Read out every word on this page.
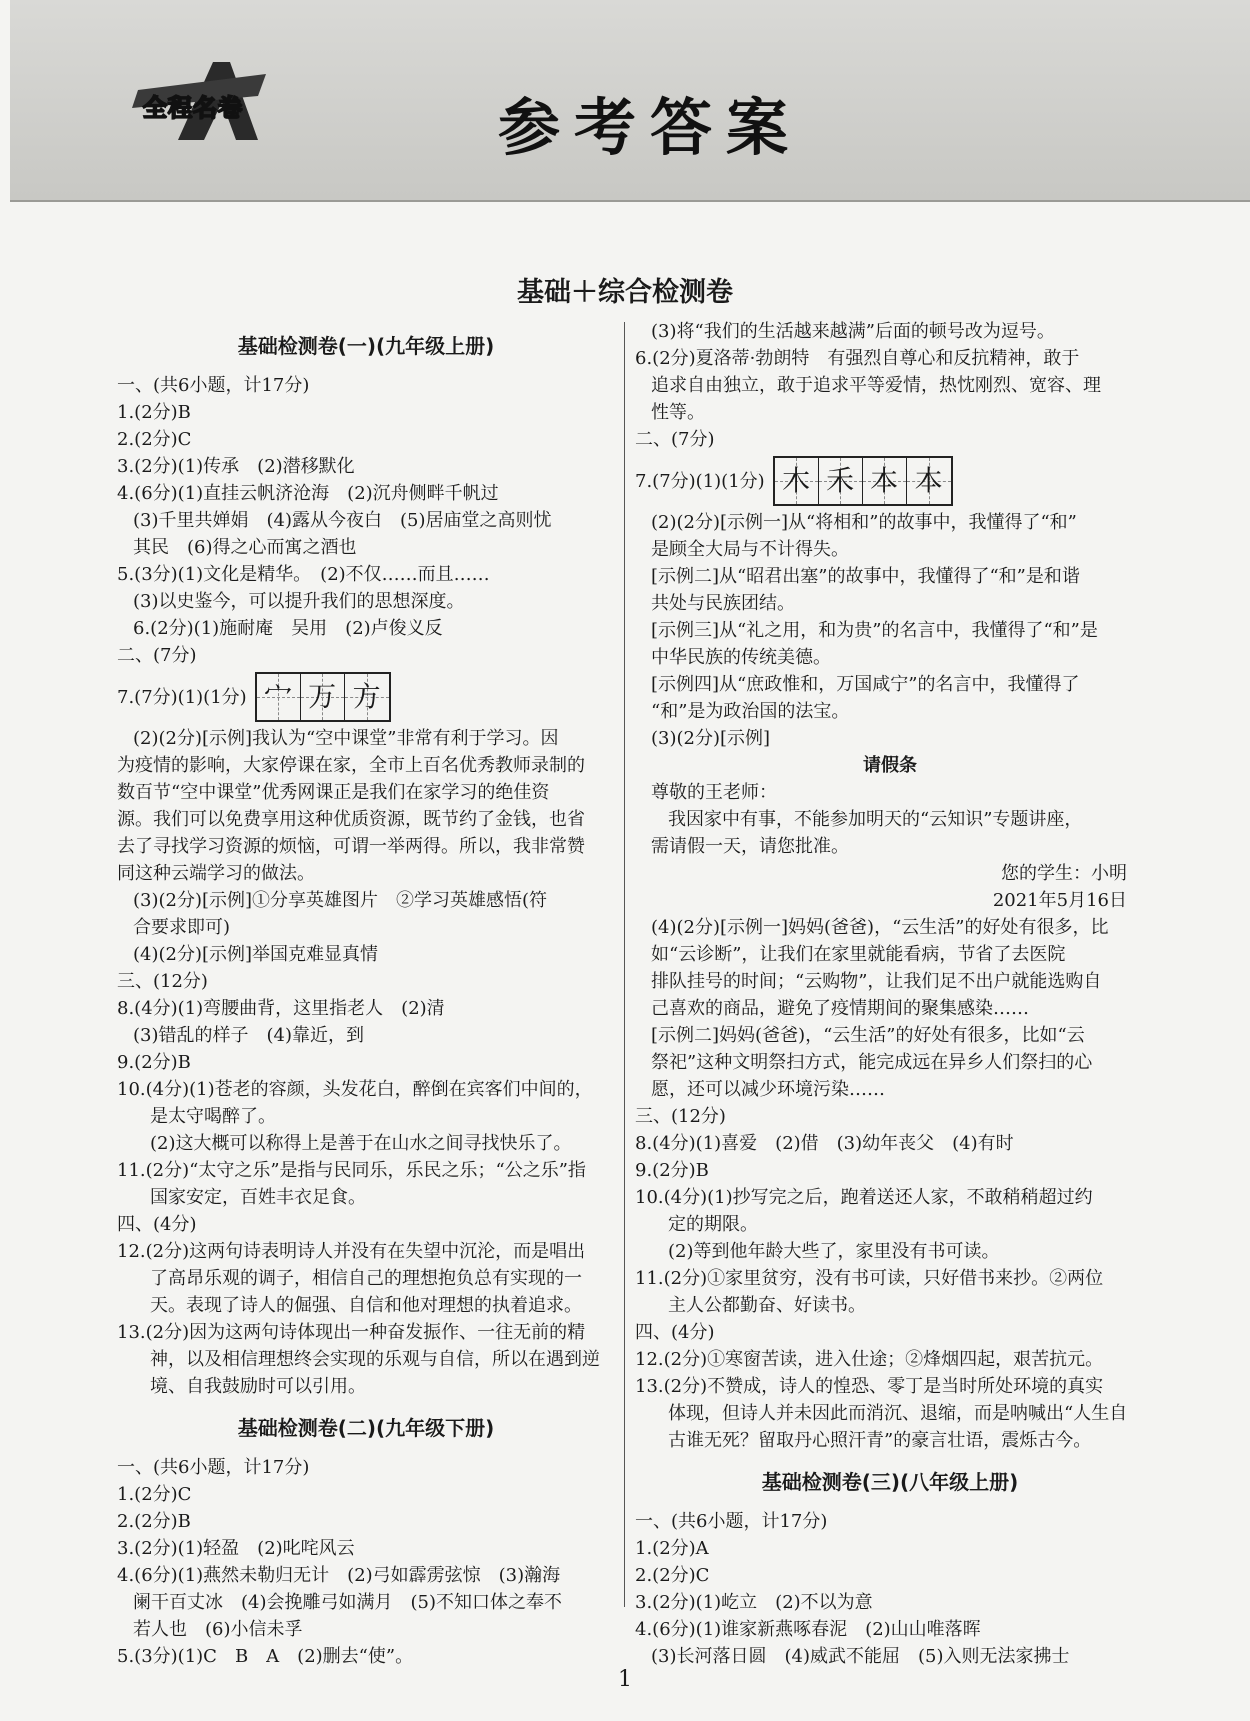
全程名卷	参考答案
基础＋综合检测卷
基础检测卷(一)(九年级上册)
一、(共6小题，计17分)
1.(2分)B
2.(2分)C
3.(2分)(1)传承　(2)潜移默化
4.(6分)(1)直挂云帆济沧海　(2)沉舟侧畔千帆过
(3)千里共婵娟　(4)露从今夜白　(5)居庙堂之高则忧
其民　(6)得之心而寓之酒也
5.(3分)(1)文化是精华。　(2)不仅……而且……
(3)以史鉴今，可以提升我们的思想深度。
6.(2分)(1)施耐庵　吴用　(2)卢俊义反
二、(7分)
7.(7分)(1)(1分) 宀 万 方
(2)(2分)[示例]我认为“空中课堂”非常有利于学习。因
为疫情的影响，大家停课在家，全市上百名优秀教师录制的
数百节“空中课堂”优秀网课正是我们在家学习的绝佳资
源。我们可以免费享用这种优质资源，既节约了金钱，也省
去了寻找学习资源的烦恼，可谓一举两得。所以，我非常赞
同这种云端学习的做法。
(3)(2分)[示例]①分享英雄图片　②学习英雄感悟(符
合要求即可)
(4)(2分)[示例]举国克难显真情
三、(12分)
8.(4分)(1)弯腰曲背，这里指老人　(2)清
(3)错乱的样子　(4)靠近，到
9.(2分)B
10.(4分)(1)苍老的容颜，头发花白，醉倒在宾客们中间的，
是太守喝醉了。
(2)这大概可以称得上是善于在山水之间寻找快乐了。
11.(2分)“太守之乐”是指与民同乐，乐民之乐；“公之乐”指
国家安定，百姓丰衣足食。
四、(4分)
12.(2分)这两句诗表明诗人并没有在失望中沉沦，而是唱出
了高昂乐观的调子，相信自己的理想抱负总有实现的一
天。表现了诗人的倔强、自信和他对理想的执着追求。
13.(2分)因为这两句诗体现出一种奋发振作、一往无前的精
神，以及相信理想终会实现的乐观与自信，所以在遇到逆
境、自我鼓励时可以引用。
基础检测卷(二)(九年级下册)
一、(共6小题，计17分)
1.(2分)C
2.(2分)B
3.(2分)(1)轻盈　(2)叱咤风云
4.(6分)(1)燕然未勒归无计　(2)弓如霹雳弦惊　(3)瀚海
阑干百丈冰　(4)会挽雕弓如满月　(5)不知口体之奉不
若人也　(6)小信未孚
5.(3分)(1)C　B　A　(2)删去“使”。
(3)将“我们的生活越来越满”后面的顿号改为逗号。
6.(2分)夏洛蒂·勃朗特　有强烈自尊心和反抗精神，敢于
追求自由独立，敢于追求平等爱情，热忱刚烈、宽容、理
性等。
二、(7分)
7.(7分)(1)(1分) 木 禾 本 本
(2)(2分)[示例一]从“将相和”的故事中，我懂得了“和”
是顾全大局与不计得失。
[示例二]从“昭君出塞”的故事中，我懂得了“和”是和谐
共处与民族团结。
[示例三]从“礼之用，和为贵”的名言中，我懂得了“和”是
中华民族的传统美德。
[示例四]从“庶政惟和，万国咸宁”的名言中，我懂得了
“和”是为政治国的法宝。
(3)(2分)[示例]
请假条
尊敬的王老师：
我因家中有事，不能参加明天的“云知识”专题讲座，
需请假一天，请您批准。
您的学生：小明
2021年5月16日
(4)(2分)[示例一]妈妈(爸爸)，“云生活”的好处有很多，比如“云诊断”，让我们在家里就能看病，节省了去医院
排队挂号的时间；“云购物”，让我们足不出户就能选购自
己喜欢的商品，避免了疫情期间的聚集感染……
[示例二]妈妈(爸爸)，“云生活”的好处有很多，比如“云
祭祀”这种文明祭扫方式，能完成远在异乡人们祭扫的心
愿，还可以减少环境污染……
三、(12分)
8.(4分)(1)喜爱　(2)借　(3)幼年丧父　(4)有时
9.(2分)B
10.(4分)(1)抄写完之后，跑着送还人家，不敢稍稍超过约
定的期限。
(2)等到他年龄大些了，家里没有书可读。
11.(2分)①家里贫穷，没有书可读，只好借书来抄。②两位
主人公都勤奋、好读书。
四、(4分)
12.(2分)①寒窗苦读，进入仕途；②烽烟四起，艰苦抗元。
13.(2分)不赞成，诗人的惶恐、零丁是当时所处环境的真实
体现，但诗人并未因此而消沉、退缩，而是呐喊出“人生自
古谁无死？留取丹心照汗青”的豪言壮语，震烁古今。
基础检测卷(三)(八年级上册)
一、(共6小题，计17分)
1.(2分)A
2.(2分)C
3.(2分)(1)屹立　(2)不以为意
4.(6分)(1)谁家新燕啄春泥　(2)山山唯落晖
(3)长河落日圆　(4)威武不能屈　(5)入则无法家拂士
1
